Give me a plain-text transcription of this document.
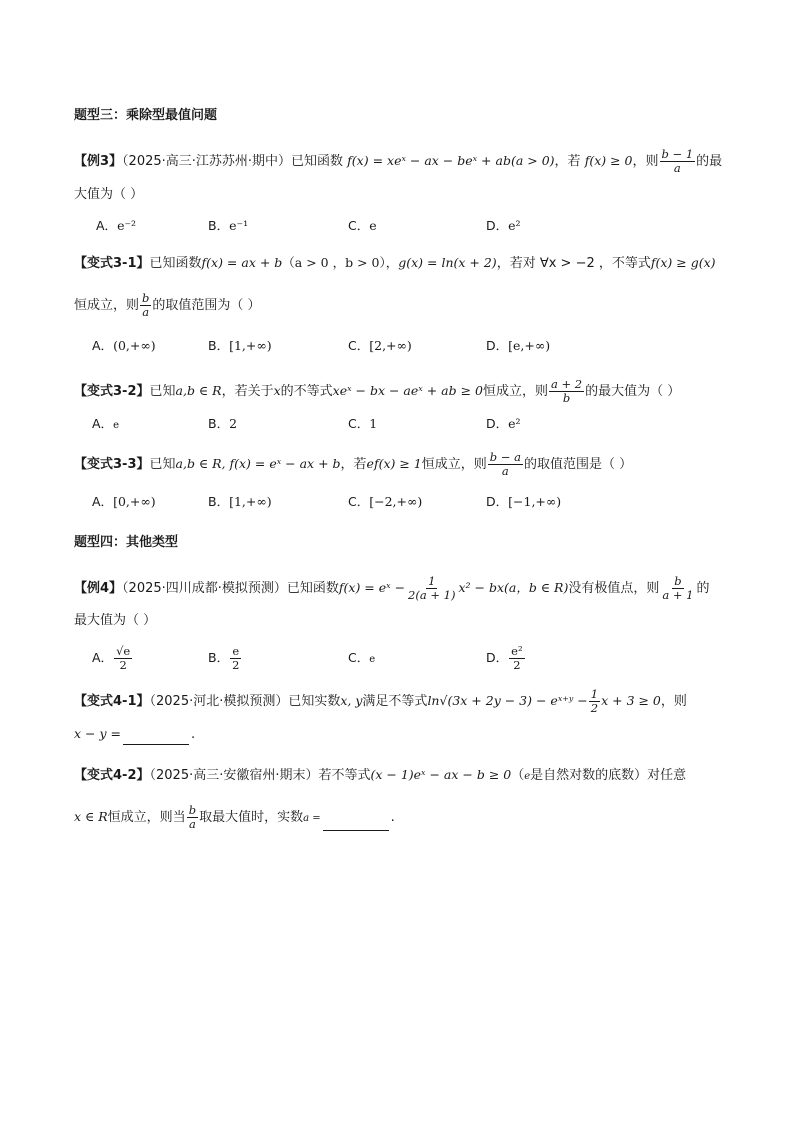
题型三：乘除型最值问题
【例3】（2025·高三·江苏苏州·期中）已知函数 f(x) = xeˣ − ax − beˣ + ab(a > 0)，若 f(x) ≥ 0，则 $\frac{b - 1}{a}$ 的最
大值为（ ）
A．e⁻²	B．e⁻¹	C．e	D．e²
【变式3-1】已知函数f(x) = ax + b（a > 0 ，b > 0），g(x) = ln(x + 2)，若对 ∀x > −2 ，不等式f(x) ≥ g(x)
恒成立，则 $\frac{b}{a}$ 的取值范围为（ ）
A．(0,+∞)	B．[1,+∞)	C．[2,+∞)	D．[e,+∞)
【变式3-2】已知a,b ∈ R，若关于x的不等式xeˣ − bx − aeˣ + ab ≥ 0恒成立，则 $\frac{a + 2}{b}$ 的最大值为（ ）
A．e	B．2	C．1	D．e²
【变式3-3】已知a,b ∈ R, f(x) = eˣ − ax + b，若ef(x) ≥ 1恒成立，则 $\frac{b - a}{a}$ 的取值范围是（ ）
A．[0,+∞)	B．[1,+∞)	C．[−2,+∞)	D．[−1,+∞)
题型四：其他类型
【例4】（2025·四川成都·模拟预测）已知函数f(x) = eˣ − $\frac{1}{2(a + 1)} x^2 - bx(a$，b ∈ R)没有极值点，则 $\frac{b}{a + 1}$ 的
最大值为（ ）
A． $\frac{√e}{2}$	B． $\frac{e}{2}$	C．e	D． $\frac{\text{e²}}{2}$
【变式4-1】（2025·河北·模拟预测）已知实数x, y满足不等式ln√(3x + 2y − 3) − eˣ⁺ʸ − $\frac{1}{2}$ x + 3 ≥ 0，则
x − y =	.
【变式4-2】（2025·高三·安徽宿州·期末）若不等式(x − 1)eˣ − ax − b ≥ 0（e是自然对数的底数）对任意
x ∈ R恒成立，则当 $\frac{b}{a}$ 取最大值时，实数a =	.
